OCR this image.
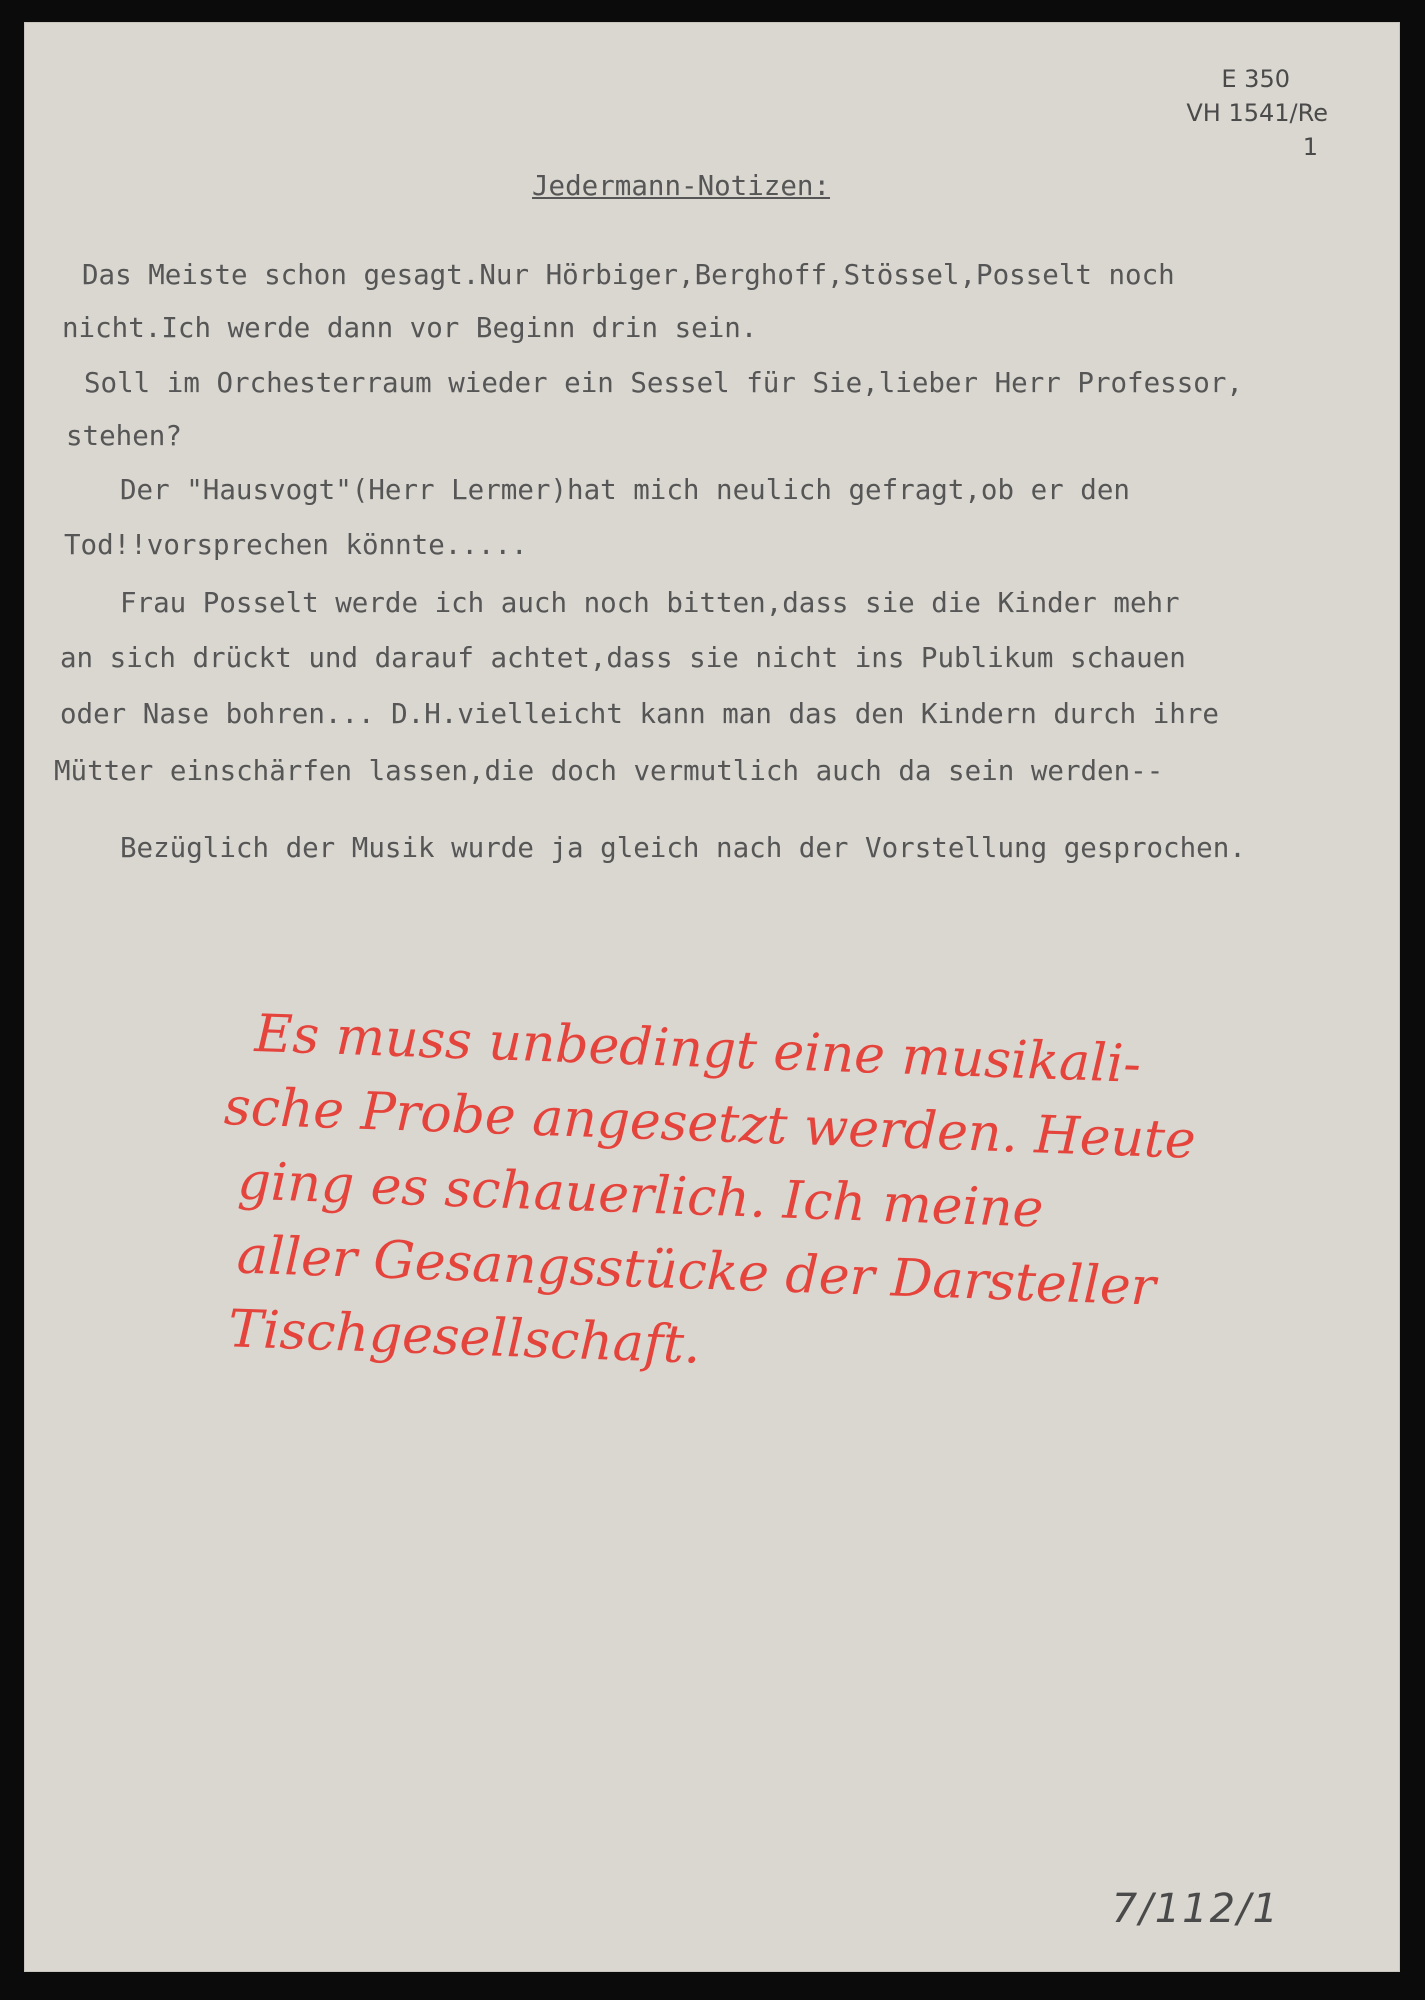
E 350
VH 1541/Re
1
Jedermann-Notizen:
Das Meiste schon gesagt.Nur Hörbiger,Berghoff,Stössel,Posselt noch
nicht.Ich werde dann vor Beginn drin sein.
Soll im Orchesterraum wieder ein Sessel für Sie,lieber Herr Professor,
stehen?
Der "Hausvogt"(Herr Lermer)hat mich neulich gefragt,ob er den
Tod!!vorsprechen könnte.....
Frau Posselt werde ich auch noch bitten,dass sie die Kinder mehr
an sich drückt und darauf achtet,dass sie nicht ins Publikum schauen
oder Nase bohren... D.H.vielleicht kann man das den Kindern durch ihre
Mütter einschärfen lassen,die doch vermutlich auch da sein werden--
Bezüglich der Musik wurde ja gleich nach der Vorstellung gesprochen.
Es muss unbedingt eine musikali-
sche Probe angesetzt werden. Heute
ging es schauerlich. Ich meine
aller Gesangsstücke der Darsteller
Tischgesellschaft.
7/112/1
